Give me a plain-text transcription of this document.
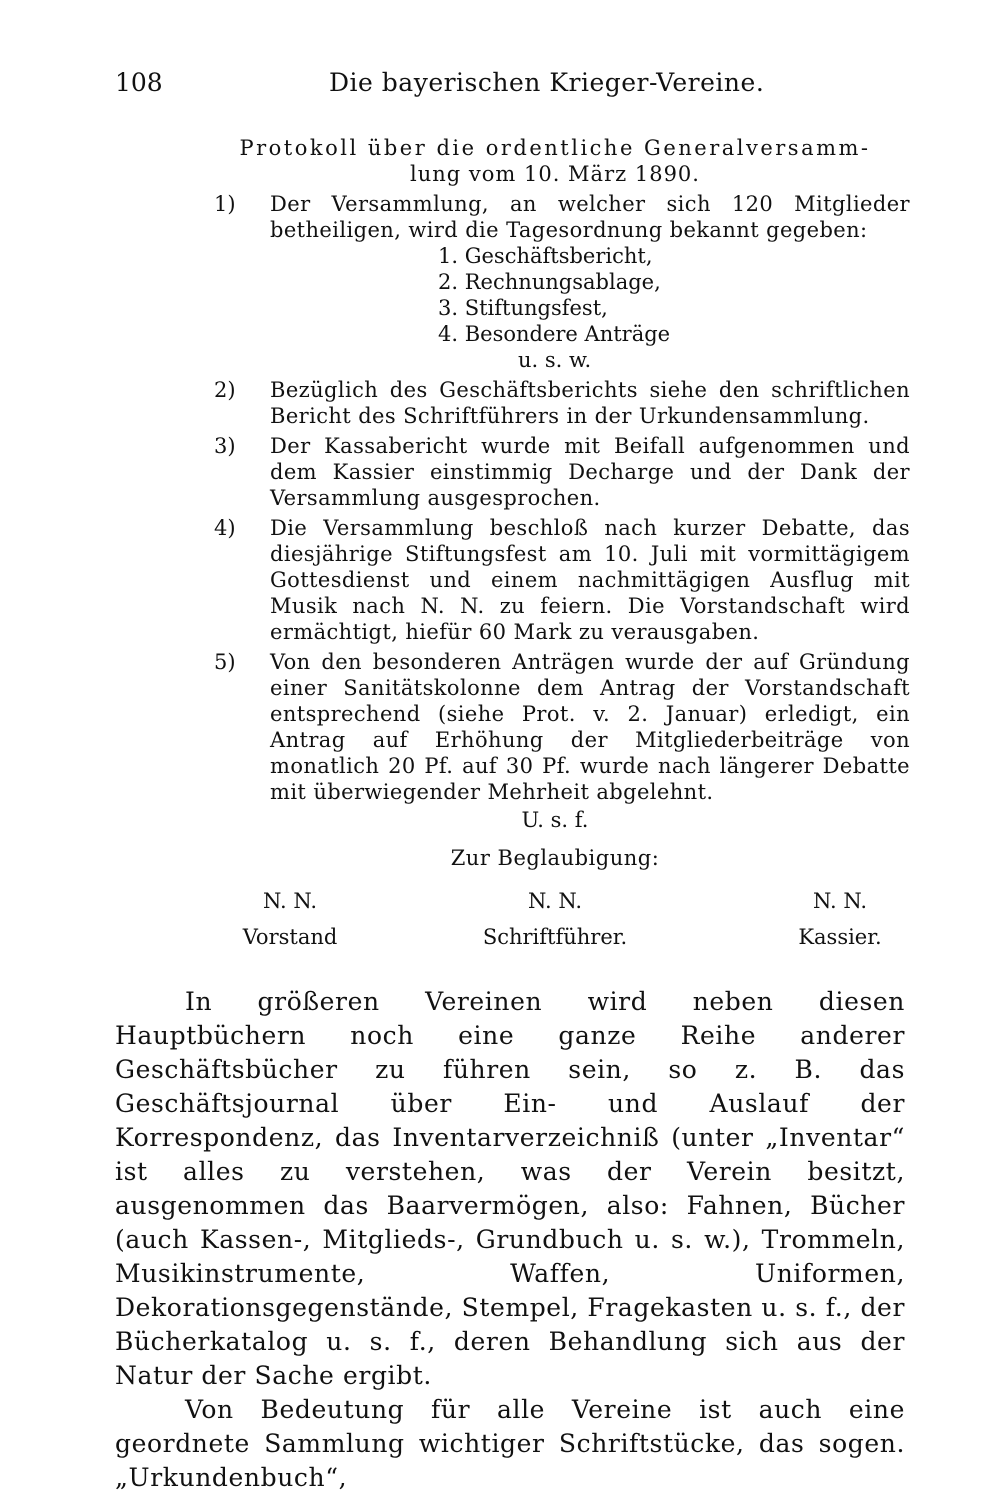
108	Die bayerischen Krieger-Vereine.
Protokoll über die ordentliche Generalversamm-
lung vom 10. März 1890.
1) Der Versammlung, an welcher sich 120 Mitglieder betheiligen, wird die Tagesordnung bekannt gegeben:
1. Geschäftsbericht,
2. Rechnungsablage,
3. Stiftungsfest,
4. Besondere Anträge
u. s. w.
2) Bezüglich des Geschäftsberichts siehe den schriftlichen Bericht des Schriftführers in der Urkundensammlung.
3) Der Kassabericht wurde mit Beifall aufgenommen und dem Kassier einstimmig Decharge und der Dank der Versammlung ausgesprochen.
4) Die Versammlung beschloß nach kurzer Debatte, das diesjährige Stiftungsfest am 10. Juli mit vormittägigem Gottesdienst und einem nachmittägigen Ausflug mit Musik nach N. N. zu feiern. Die Vorstandschaft wird ermächtigt, hiefür 60 Mark zu verausgaben.
5) Von den besonderen Anträgen wurde der auf Gründung einer Sanitätskolonne dem Antrag der Vorstandschaft entsprechend (siehe Prot. v. 2. Januar) erledigt, ein Antrag auf Erhöhung der Mitgliederbeiträge von monatlich 20 Pf. auf 30 Pf. wurde nach längerer Debatte mit überwiegender Mehrheit abgelehnt.
U. s. f.
Zur Beglaubigung:
N. N.
Vorstand
N. N.
Schriftführer.
N. N.
Kassier.

In größeren Vereinen wird neben diesen Hauptbüchern noch eine ganze Reihe anderer Geschäftsbücher zu führen sein, so z. B. das Geschäftsjournal über Ein- und Auslauf der Korrespondenz, das Inventarverzeichniß (unter „Inventar“ ist alles zu verstehen, was der Verein besitzt, ausgenommen das Baarvermögen, also: Fahnen, Bücher (auch Kassen-, Mitglieds-, Grundbuch u. s. w.), Trommeln, Musikinstrumente, Waffen, Uniformen, Dekorationsgegenstände, Stempel, Fragekasten u. s. f., der Bücherkatalog u. s. f., deren Behandlung sich aus der Natur der Sache ergibt.

Von Bedeutung für alle Vereine ist auch eine geordnete Sammlung wichtiger Schriftstücke, das sogen. „Urkundenbuch“,
